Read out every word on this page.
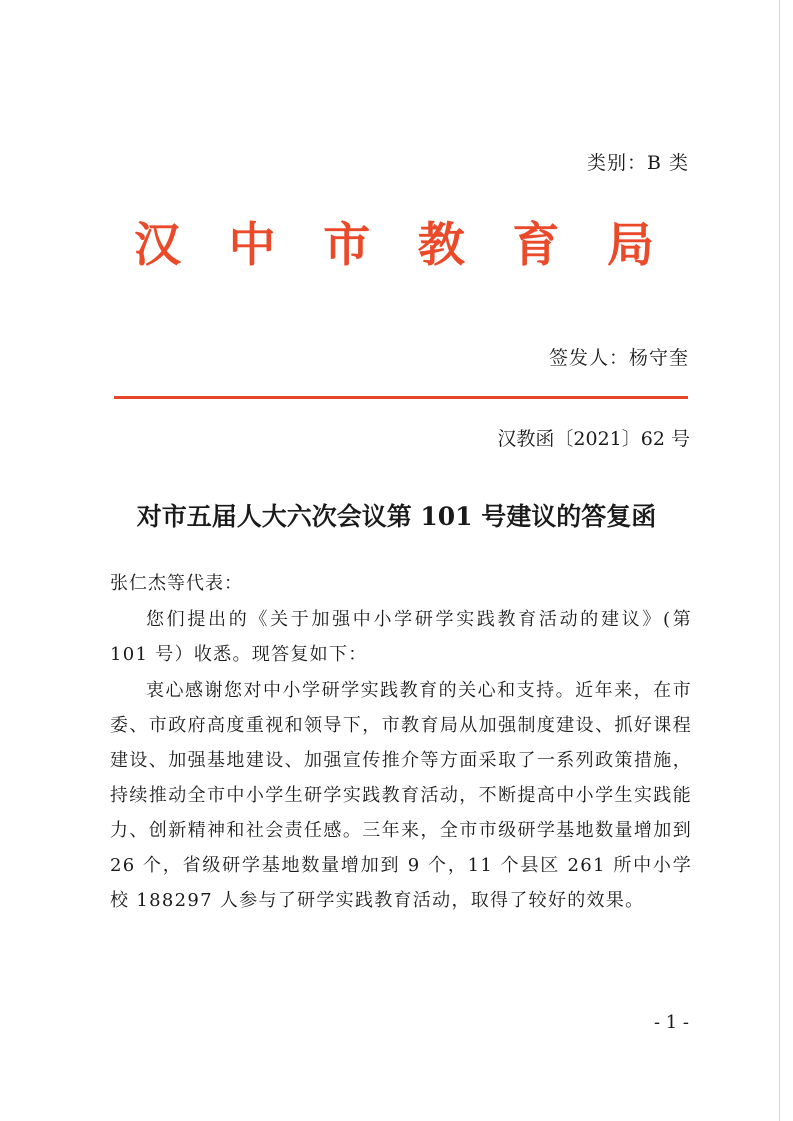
类别：B 类
汉 中 市 教 育 局
签发人：杨守奎
汉教函〔2021〕62 号
对市五届人大六次会议第 101 号建议的答复函
张仁杰等代表：
您们提出的《关于加强中小学研学实践教育活动的建议》(第 101 号）收悉。现答复如下：
衷心感谢您对中小学研学实践教育的关心和支持。近年来，在市委、市政府高度重视和领导下，市教育局从加强制度建设、抓好课程建设、加强基地建设、加强宣传推介等方面采取了一系列政策措施，持续推动全市中小学生研学实践教育活动，不断提高中小学生实践能力、创新精神和社会责任感。三年来，全市市级研学基地数量增加到 26 个，省级研学基地数量增加到 9 个，11 个县区 261 所中小学校 188297 人参与了研学实践教育活动，取得了较好的效果。
- 1 -
